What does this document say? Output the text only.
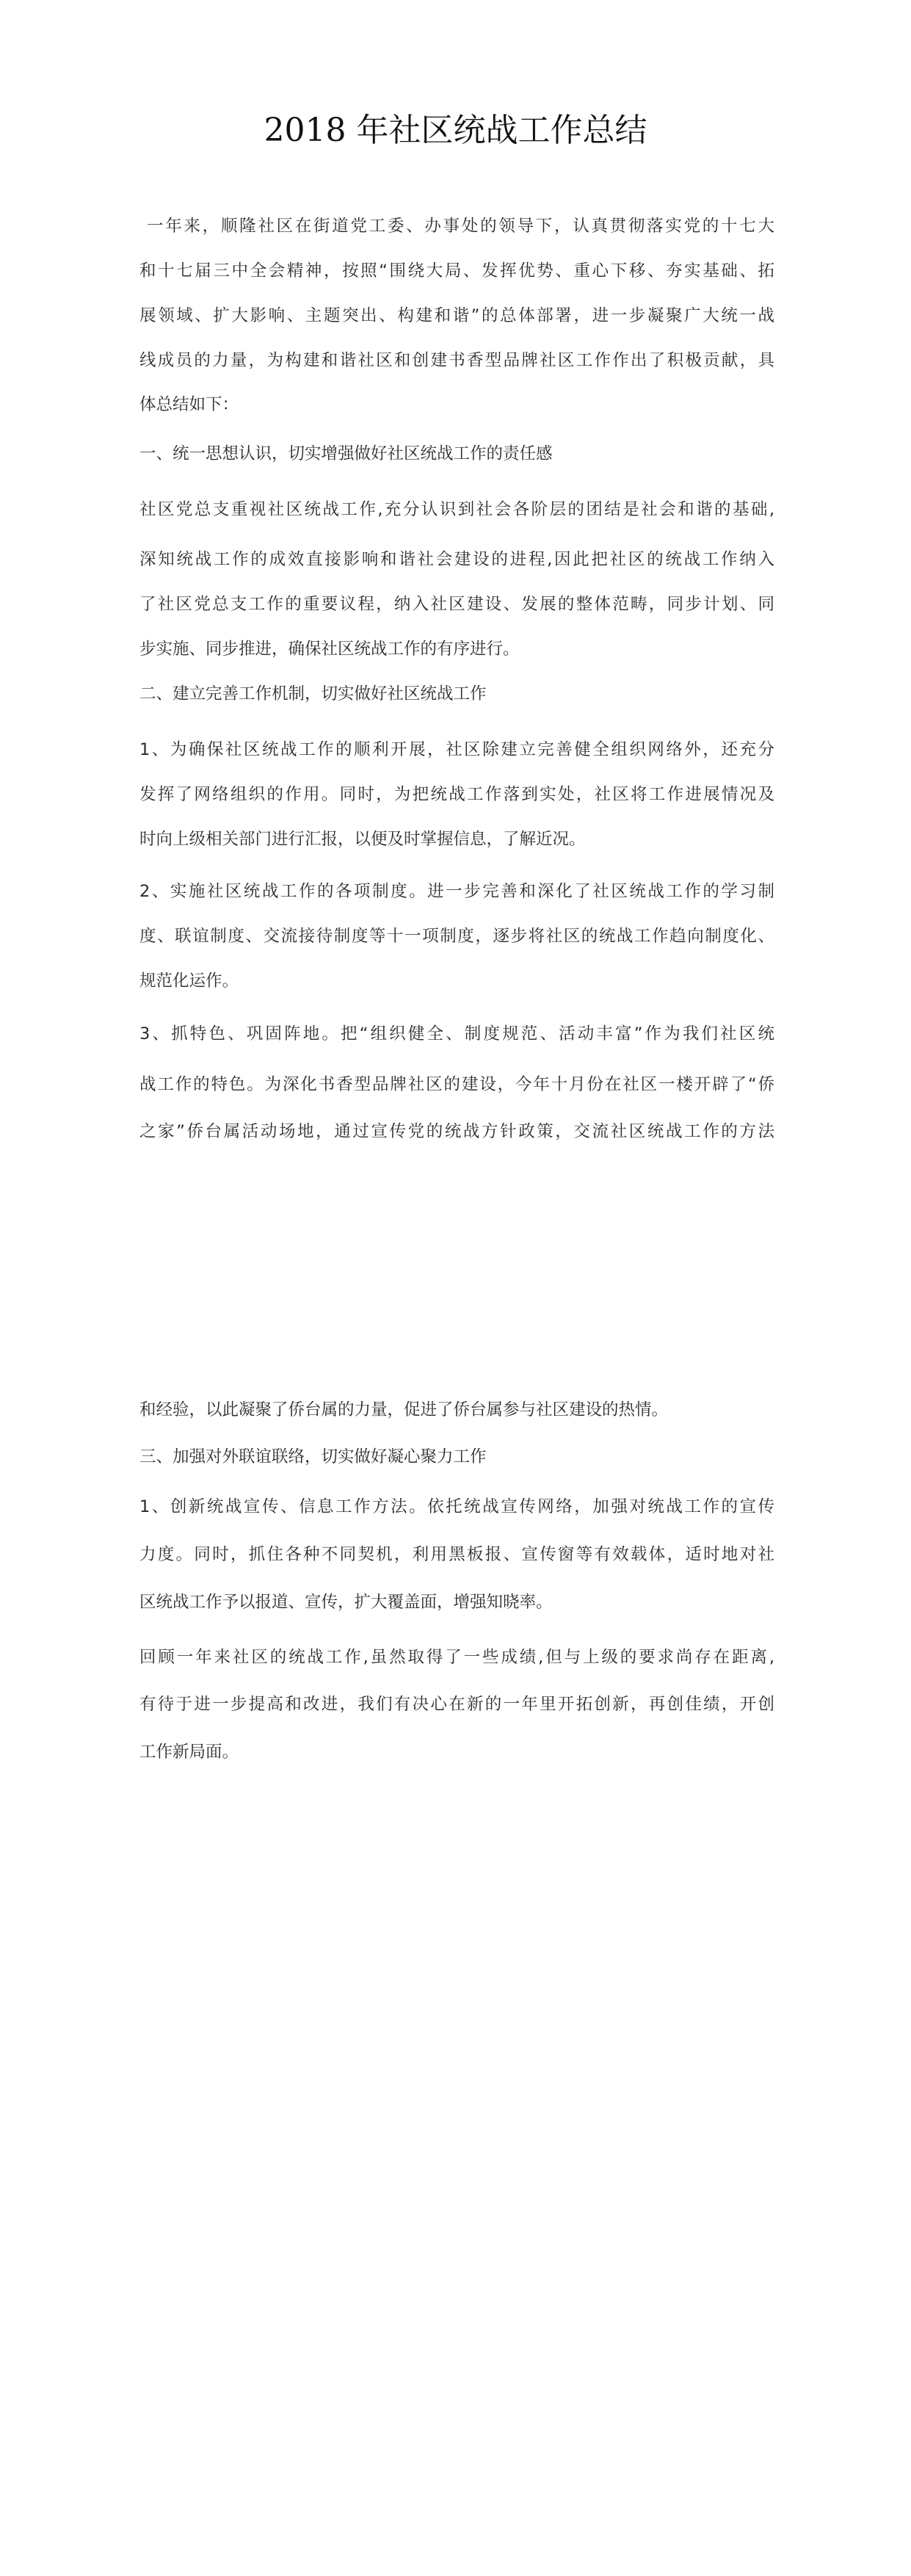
2018 年社区统战工作总结
一年来，顺隆社区在街道党工委、办事处的领导下，认真贯彻落实党的十七大
和十七届三中全会精神，按照“围绕大局、发挥优势、重心下移、夯实基础、拓
展领域、扩大影响、主题突出、构建和谐”的总体部署，进一步凝聚广大统一战
线成员的力量，为构建和谐社区和创建书香型品牌社区工作作出了积极贡献，具
体总结如下：
一、统一思想认识，切实增强做好社区统战工作的责任感
社区党总支重视社区统战工作,充分认识到社会各阶层的团结是社会和谐的基础,
深知统战工作的成效直接影响和谐社会建设的进程,因此把社区的统战工作纳入
了社区党总支工作的重要议程，纳入社区建设、发展的整体范畴，同步计划、同
步实施、同步推进，确保社区统战工作的有序进行。
二、建立完善工作机制，切实做好社区统战工作
1、为确保社区统战工作的顺利开展，社区除建立完善健全组织网络外，还充分
发挥了网络组织的作用。同时，为把统战工作落到实处，社区将工作进展情况及
时向上级相关部门进行汇报，以便及时掌握信息，了解近况。
2、实施社区统战工作的各项制度。进一步完善和深化了社区统战工作的学习制
度、联谊制度、交流接待制度等十一项制度，逐步将社区的统战工作趋向制度化、
规范化运作。
3、抓特色、巩固阵地。把“组织健全、制度规范、活动丰富”作为我们社区统
战工作的特色。为深化书香型品牌社区的建设，今年十月份在社区一楼开辟了“侨
之家”侨台属活动场地，通过宣传党的统战方针政策，交流社区统战工作的方法
和经验，以此凝聚了侨台属的力量，促进了侨台属参与社区建设的热情。
三、加强对外联谊联络，切实做好凝心聚力工作
1、创新统战宣传、信息工作方法。依托统战宣传网络，加强对统战工作的宣传
力度。同时，抓住各种不同契机，利用黑板报、宣传窗等有效载体，适时地对社
区统战工作予以报道、宣传，扩大覆盖面，增强知晓率。
回顾一年来社区的统战工作,虽然取得了一些成绩,但与上级的要求尚存在距离,
有待于进一步提高和改进，我们有决心在新的一年里开拓创新，再创佳绩，开创
工作新局面。
